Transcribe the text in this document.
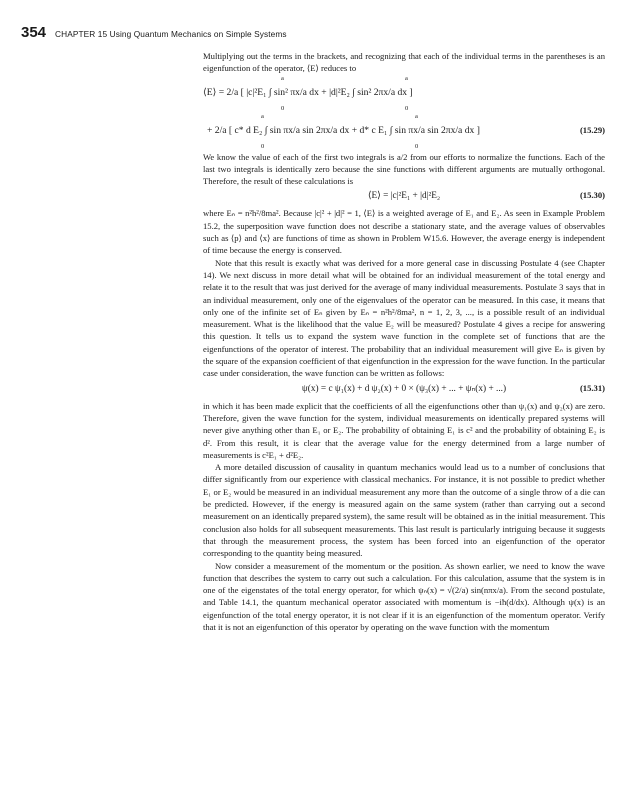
354 CHAPTER 15 Using Quantum Mechanics on Simple Systems

Multiplying out the terms in the brackets, and recognizing that each of the individual terms in the parentheses is an eigenfunction of the operator, ⟨E⟩ reduces to

a
0
a
0
⟨E⟩ = 2/a [ |c|²E₁ ∫ sin² πx/a dx + |d|²E₂ ∫ sin² 2πx/a dx ]
a
0
a
0
+ 2/a [ c* d E₂ ∫ sin πx/a sin 2πx/a dx + d* c E₁ ∫ sin πx/a sin 2πx/a dx ]	(15.29)

We know the value of each of the first two integrals is a/2 from our efforts to normalize the functions. Each of the last two integrals is identically zero because the sine functions with different arguments are mutually orthogonal. Therefore, the result of these calculations is

⟨E⟩ = |c|²E₁ + |d|²E₂	(15.30)

where Eₙ = n²h²/8ma². Because |c|² + |d|² = 1, ⟨E⟩ is a weighted average of E₁ and E₂. As seen in Example Problem 15.2, the superposition wave function does not describe a stationary state, and the average values of observables such as ⟨p⟩ and ⟨x⟩ are functions of time as shown in Problem W15.6. However, the average energy is independent of time because the energy is conserved.

Note that this result is exactly what was derived for a more general case in discussing Postulate 4 (see Chapter 14). We next discuss in more detail what will be obtained for an individual measurement of the total energy and relate it to the result that was just derived for the average of many individual measurements. Postulate 3 says that in an individual measurement, only one of the eigenvalues of the operator can be measured. In this case, it means that only one of the infinite set of Eₙ given by Eₙ = n²h²/8ma², n = 1, 2, 3, ..., is a possible result of an individual measurement. What is the likelihood that the value E₂ will be measured? Postulate 4 gives a recipe for answering this question. It tells us to expand the system wave function in the complete set of functions that are the eigenfunctions of the operator of interest. The probability that an individual measurement will give Eₙ is given by the square of the expansion coefficient of that eigenfunction in the expression for the wave function. In the particular case under consideration, the wave function can be written as follows:

ψ(x) = c ψ₁(x) + d ψ₂(x) + 0 × (ψ₃(x) + ... + ψₙ(x) + ...)	(15.31)

in which it has been made explicit that the coefficients of all the eigenfunctions other than ψ₁(x) and ψ₂(x) are zero. Therefore, given the wave function for the system, individual measurements on identically prepared systems will never give anything other than E₁ or E₂. The probability of obtaining E₁ is c² and the probability of obtaining E₂ is d². From this result, it is clear that the average value for the energy determined from a large number of measurements is c²E₁ + d²E₂.

A more detailed discussion of causality in quantum mechanics would lead us to a number of conclusions that differ significantly from our experience with classical mechanics. For instance, it is not possible to predict whether E₁ or E₂ would be measured in an individual measurement any more than the outcome of a single throw of a die can be predicted. However, if the energy is measured again on the same system (rather than carrying out a second measurement on an identically prepared system), the same result will be obtained as in the initial measurement. This conclusion also holds for all subsequent measurements. This last result is particularly intriguing because it suggests that through the measurement process, the system has been forced into an eigenfunction of the operator corresponding to the quantity being measured.

Now consider a measurement of the momentum or the position. As shown earlier, we need to know the wave function that describes the system to carry out such a calculation. For this calculation, assume that the system is in one of the eigenstates of the total energy operator, for which ψₙ(x) = √(2/a) sin(nπx/a). From the second postulate, and Table 14.1, the quantum mechanical operator associated with momentum is −iħ(d/dx). Although ψ(x) is an eigenfunction of the total energy operator, it is not clear if it is an eigenfunction of the momentum operator. Verify that it is not an eigenfunction of this operator by operating on the wave function with the momentum
